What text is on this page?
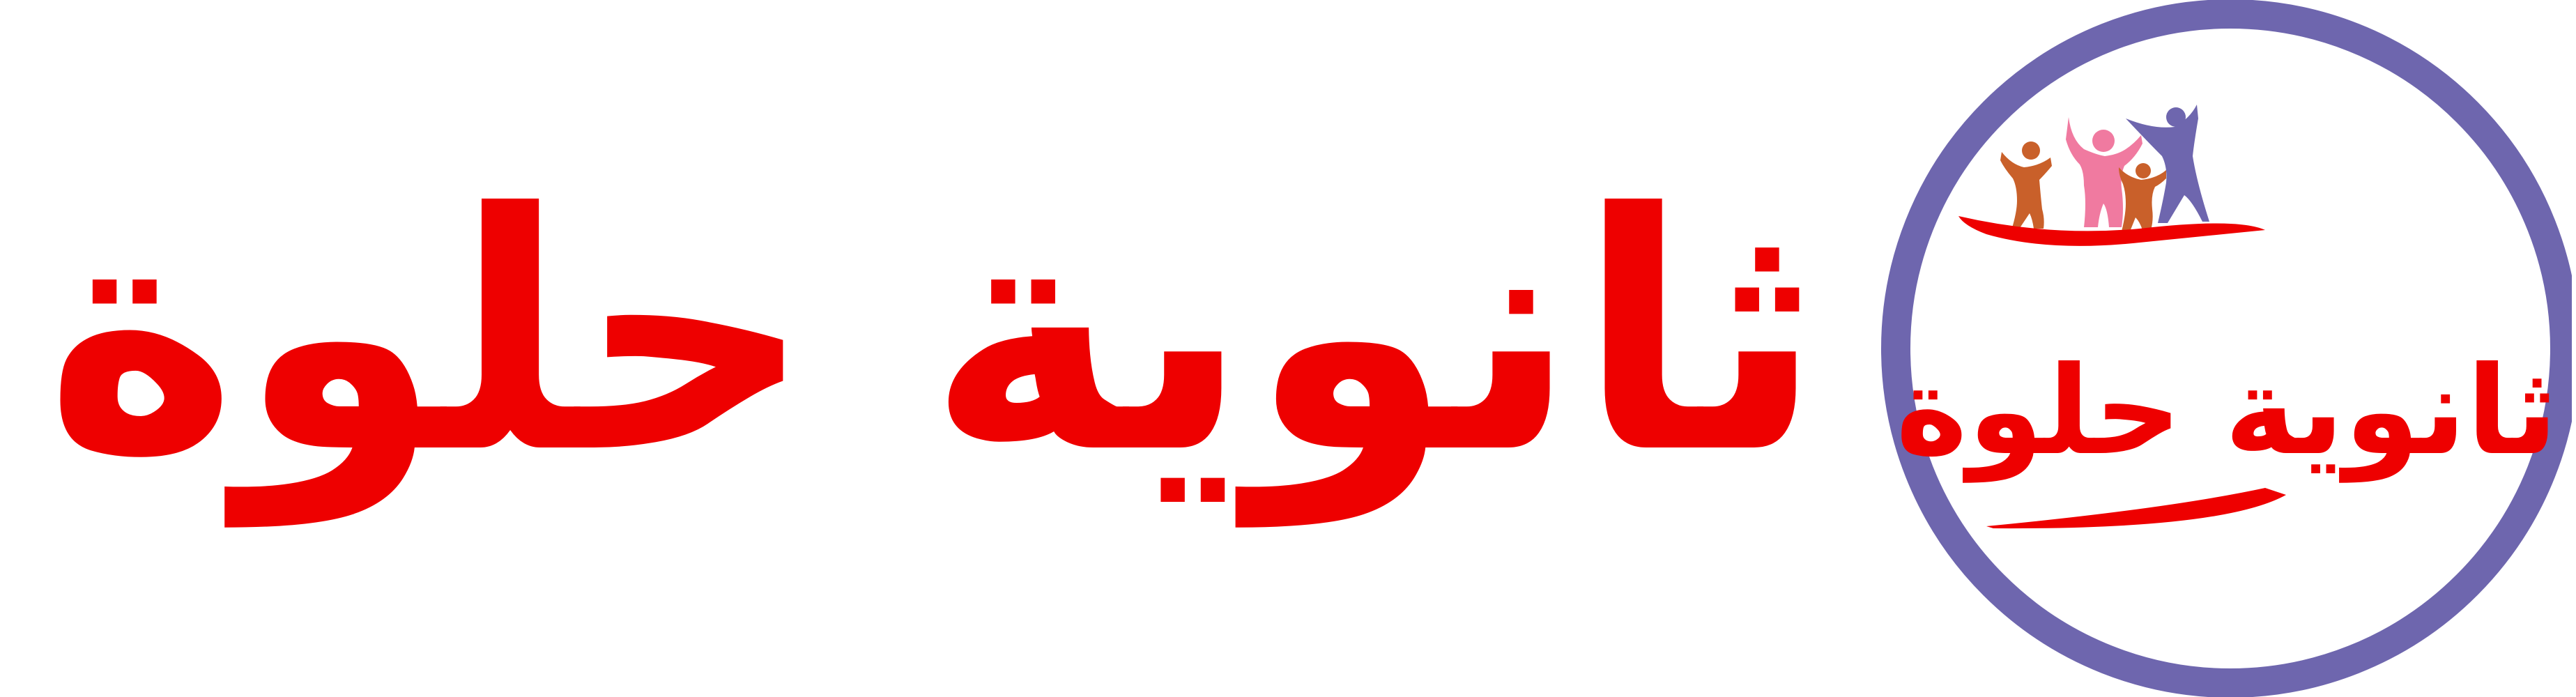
ثانوية حلوة ثانوية حلوة
